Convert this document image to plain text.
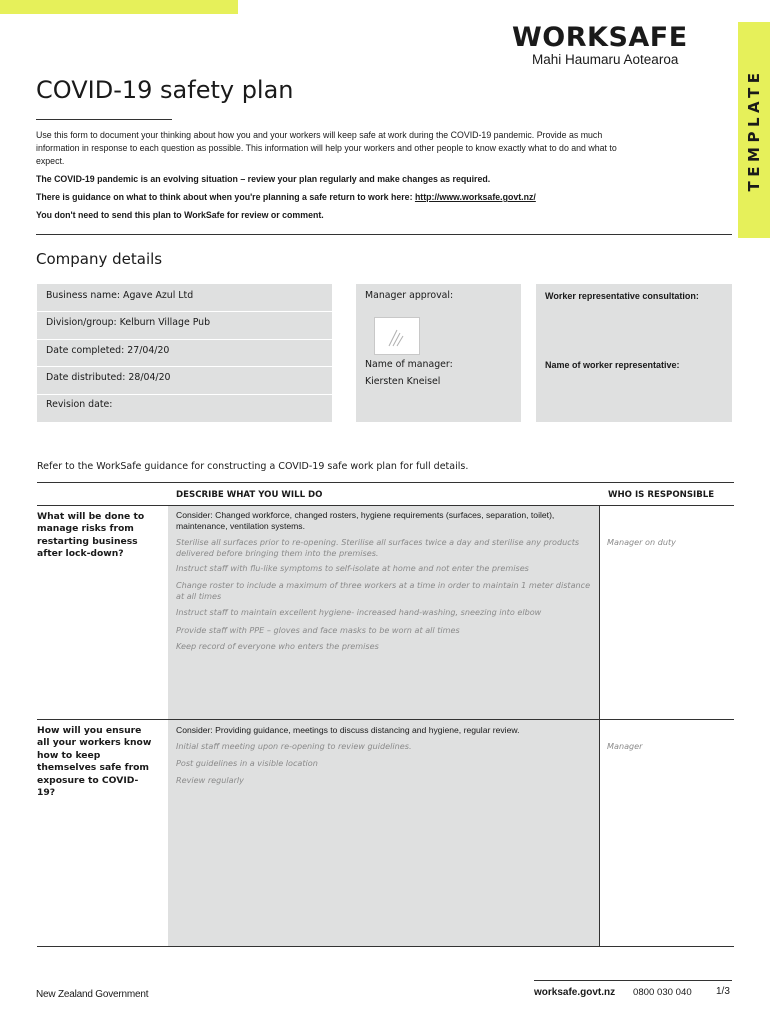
WORKSAFE
Mahi Haumaru Aotearoa
TEMPLATE
COVID-19 safety plan
Use this form to document your thinking about how you and your workers will keep safe at work during the COVID-19 pandemic. Provide as much information in response to each question as possible. This information will help your workers and other people to know exactly what to do and what to expect.
The COVID-19 pandemic is an evolving situation – review your plan regularly and make changes as required.
There is guidance on what to think about when you're planning a safe return to work here: http://www.worksafe.govt.nz/
You don't need to send this plan to WorkSafe for review or comment.
Company details
Business name: Agave Azul Ltd
Division/group: Kelburn Village Pub
Date completed: 27/04/20
Date distributed: 28/04/20
Revision date:
Manager approval:
Name of manager:
Kiersten Kneisel
Worker representative consultation:
Name of worker representative:
Refer to the WorkSafe guidance for constructing a COVID-19 safe work plan for full details.
DESCRIBE WHAT YOU WILL DO	WHO IS RESPONSIBLE
What will be done to manage risks from restarting business after lock-down?
Consider: Changed workforce, changed rosters, hygiene requirements (surfaces, separation, toilet), maintenance, ventilation systems.
Sterilise all surfaces prior to re-opening. Sterilise all surfaces twice a day and sterilise any products delivered before bringing them into the premises.
Instruct staff with flu-like symptoms to self-isolate at home and not enter the premises
Change roster to include a maximum of three workers at a time in order to maintain 1 meter distance at all times
Instruct staff to maintain excellent hygiene- increased hand-washing, sneezing into elbow
Provide staff with PPE – gloves and face masks to be worn at all times
Keep record of everyone who enters the premises
Manager on duty
How will you ensure all your workers know how to keep themselves safe from exposure to COVID-19?
Consider: Providing guidance, meetings to discuss distancing and hygiene, regular review.
Initial staff meeting upon re-opening to review guidelines.
Post guidelines in a visible location
Review regularly
Manager
worksafe.govt.nz 0800 030 040 1/3
New Zealand Government
